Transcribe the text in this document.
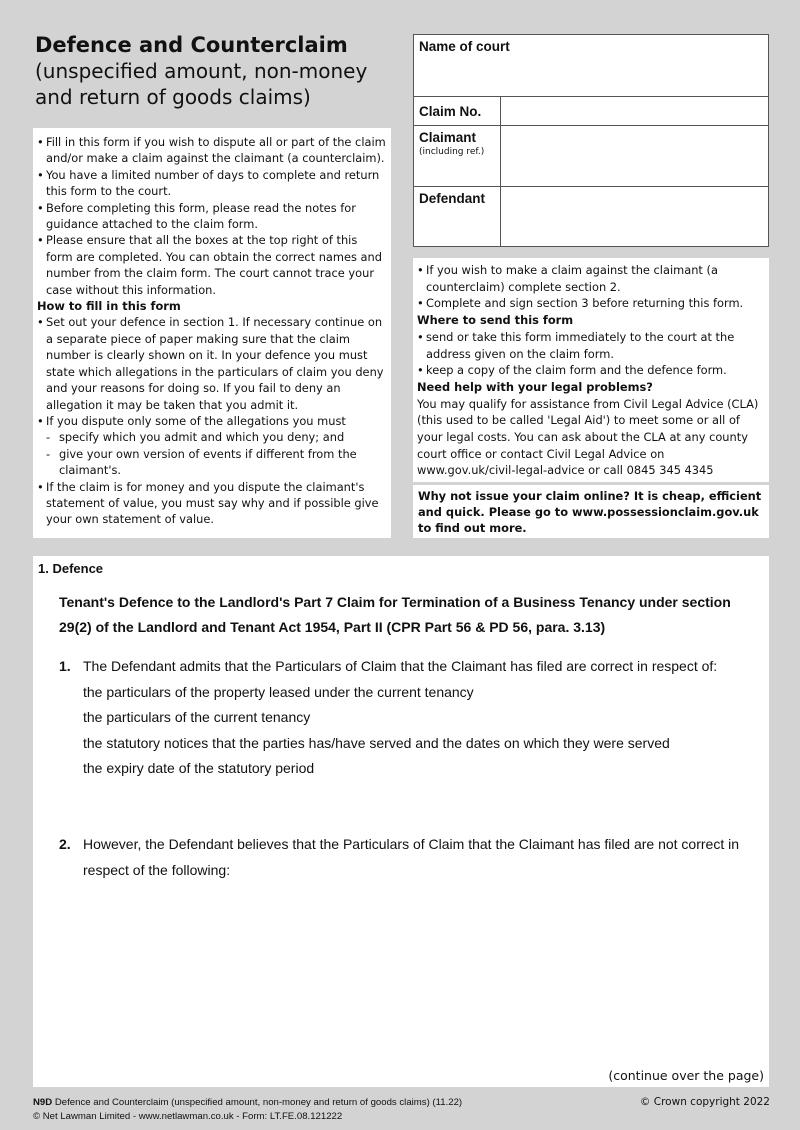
Defence and Counterclaim
(unspecified amount, non-money and return of goods claims)
Name of court
Claim No.
Claimant
(including ref.)
Defendant
• Fill in this form if you wish to dispute all or part of the claim and/or make a claim against the claimant (a counterclaim).
• You have a limited number of days to complete and return this form to the court.
• Before completing this form, please read the notes for guidance attached to the claim form.
• Please ensure that all the boxes at the top right of this form are completed. You can obtain the correct names and number from the claim form. The court cannot trace your case without this information.
How to fill in this form
• Set out your defence in section 1. If necessary continue on a separate piece of paper making sure that the claim number is clearly shown on it. In your defence you must state which allegations in the particulars of claim you deny and your reasons for doing so. If you fail to deny an allegation it may be taken that you admit it.
• If you dispute only some of the allegations you must
- specify which you admit and which you deny; and
- give your own version of events if different from the claimant's.
• If the claim is for money and you dispute the claimant's statement of value, you must say why and if possible give your own statement of value.
• If you wish to make a claim against the claimant (a counterclaim) complete section 2.
• Complete and sign section 3 before returning this form.
Where to send this form
• send or take this form immediately to the court at the address given on the claim form.
• keep a copy of the claim form and the defence form.
Need help with your legal problems?
You may qualify for assistance from Civil Legal Advice (CLA) (this used to be called 'Legal Aid') to meet some or all of your legal costs. You can ask about the CLA at any county court office or contact Civil Legal Advice on www.gov.uk/civil-legal-advice or call 0845 345 4345
Why not issue your claim online? It is cheap, efficient and quick. Please go to www.possessionclaim.gov.uk to find out more.
1. Defence
Tenant's Defence to the Landlord's Part 7 Claim for Termination of a Business Tenancy under section 29(2) of the Landlord and Tenant Act 1954, Part II (CPR Part 56 & PD 56, para. 3.13)
1. The Defendant admits that the Particulars of Claim that the Claimant has filed are correct in respect of:
the particulars of the property leased under the current tenancy
the particulars of the current tenancy
the statutory notices that the parties has/have served and the dates on which they were served
the expiry date of the statutory period
2. However, the Defendant believes that the Particulars of Claim that the Claimant has filed are not correct in respect of the following:
(continue over the page)
N9D Defence and Counterclaim (unspecified amount, non-money and return of goods claims) (11.22)
© Net Lawman Limited - www.netlawman.co.uk - Form: LT.FE.08.121222
© Crown copyright 2022
